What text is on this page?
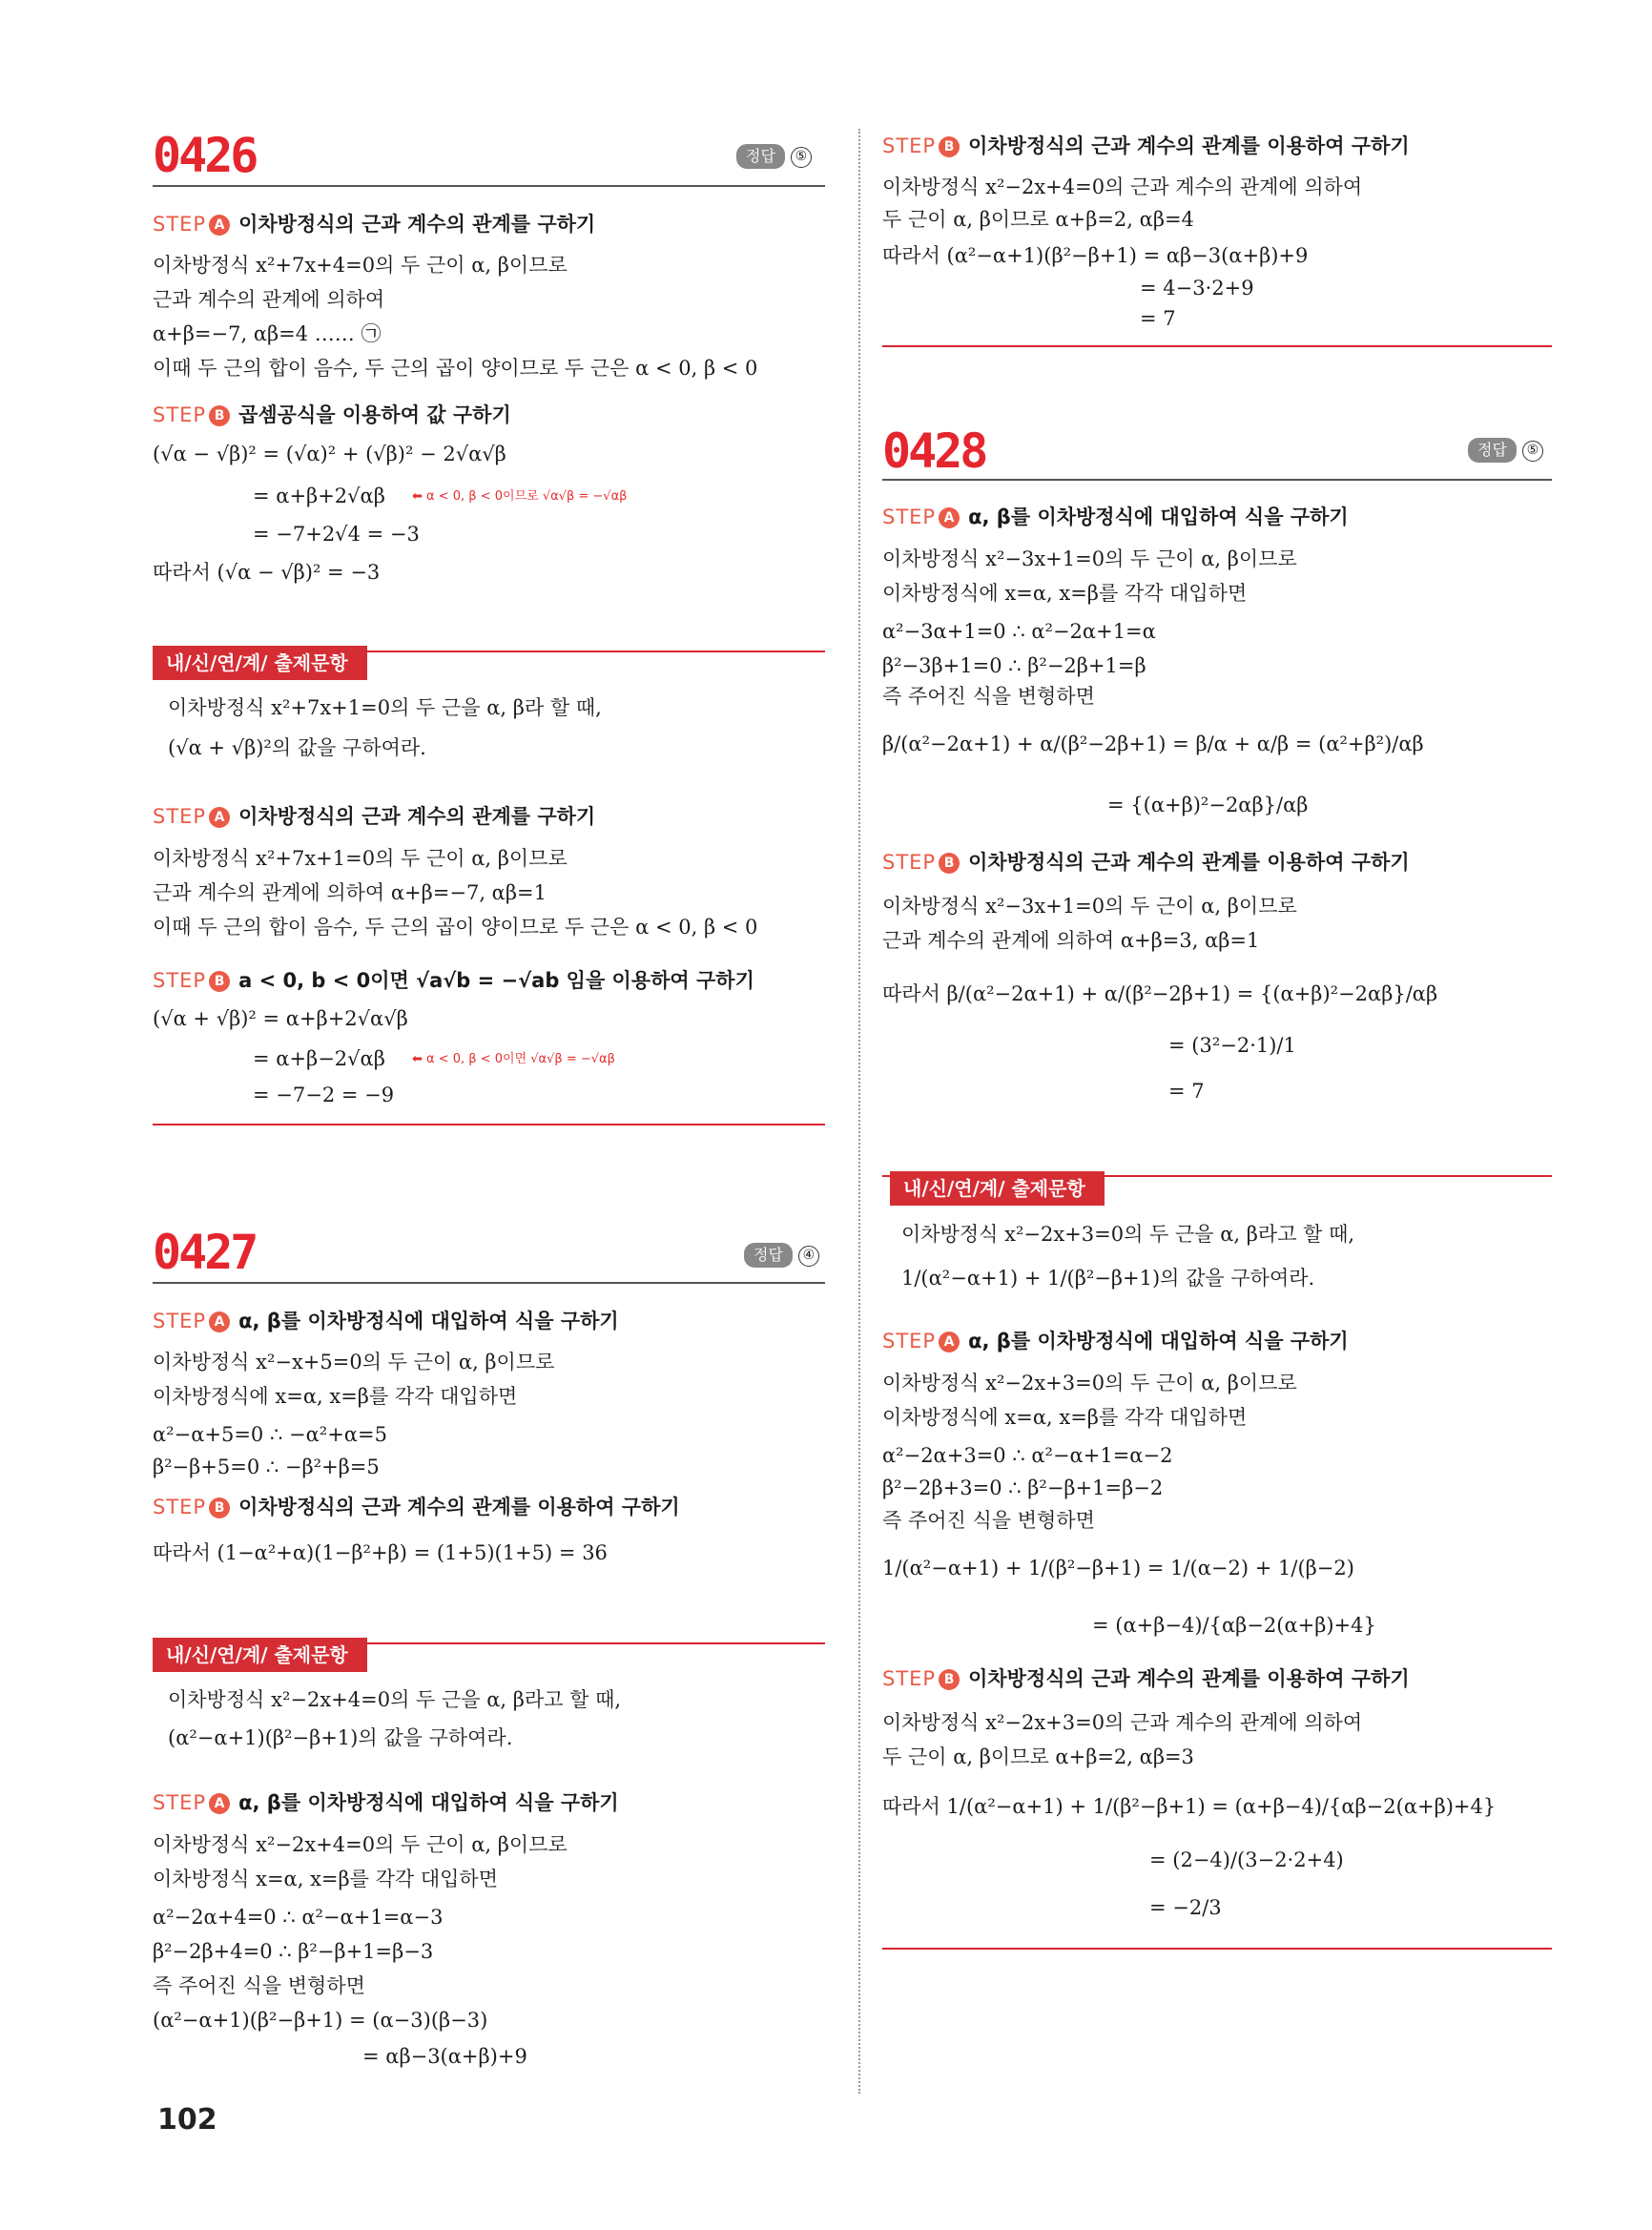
0426	정답 ⑤
STEP A 이차방정식의 근과 계수의 관계를 구하기
이차방정식 x²+7x+4=0의 두 근이 α, β이므로
근과 계수의 관계에 의하여
α+β=−7, αβ=4 …… ㉠
이때 두 근의 합이 음수, 두 근의 곱이 양이므로 두 근은 α < 0, β < 0
STEP B 곱셈공식을 이용하여 값 구하기
(√α − √β)² = (√α)² + (√β)² − 2√α√β
= α+β+2√αβ ⬅ α < 0, β < 0이므로 √α√β = −√αβ
= −7+2√4 = −3
따라서 (√α − √β)² = −3
내/신/연/계/ 출제문항
이차방정식 x²+7x+1=0의 두 근을 α, β라 할 때,
(√α + √β)²의 값을 구하여라.
STEP A 이차방정식의 근과 계수의 관계를 구하기
이차방정식 x²+7x+1=0의 두 근이 α, β이므로
근과 계수의 관계에 의하여 α+β=−7, αβ=1
이때 두 근의 합이 음수, 두 근의 곱이 양이므로 두 근은 α < 0, β < 0
STEP B a < 0, b < 0이면 √a√b = −√ab 임을 이용하여 구하기
(√α + √β)² = α+β+2√α√β
= α+β−2√αβ ⬅ α < 0, β < 0이면 √α√β = −√αβ
= −7−2 = −9
0427	정답 ④
STEP A α, β를 이차방정식에 대입하여 식을 구하기
이차방정식 x²−x+5=0의 두 근이 α, β이므로
이차방정식에 x=α, x=β를 각각 대입하면
α²−α+5=0 ∴ −α²+α=5
β²−β+5=0 ∴ −β²+β=5
STEP B 이차방정식의 근과 계수의 관계를 이용하여 구하기
따라서 (1−α²+α)(1−β²+β) = (1+5)(1+5) = 36
내/신/연/계/ 출제문항
이차방정식 x²−2x+4=0의 두 근을 α, β라고 할 때,
(α²−α+1)(β²−β+1)의 값을 구하여라.
STEP A α, β를 이차방정식에 대입하여 식을 구하기
이차방정식 x²−2x+4=0의 두 근이 α, β이므로
이차방정식 x=α, x=β를 각각 대입하면
α²−2α+4=0 ∴ α²−α+1=α−3
β²−2β+4=0 ∴ β²−β+1=β−3
즉 주어진 식을 변형하면
(α²−α+1)(β²−β+1) = (α−3)(β−3)
= αβ−3(α+β)+9
STEP B 이차방정식의 근과 계수의 관계를 이용하여 구하기
이차방정식 x²−2x+4=0의 근과 계수의 관계에 의하여
두 근이 α, β이므로 α+β=2, αβ=4
따라서 (α²−α+1)(β²−β+1) = αβ−3(α+β)+9
= 4−3·2+9
= 7
0428	정답 ⑤
STEP A α, β를 이차방정식에 대입하여 식을 구하기
이차방정식 x²−3x+1=0의 두 근이 α, β이므로
이차방정식에 x=α, x=β를 각각 대입하면
α²−3α+1=0 ∴ α²−2α+1=α
β²−3β+1=0 ∴ β²−2β+1=β
즉 주어진 식을 변형하면
β/(α²−2α+1) + α/(β²−2β+1) = β/α + α/β = (α²+β²)/αβ
= {(α+β)²−2αβ}/αβ
STEP B 이차방정식의 근과 계수의 관계를 이용하여 구하기
이차방정식 x²−3x+1=0의 두 근이 α, β이므로
근과 계수의 관계에 의하여 α+β=3, αβ=1
따라서 β/(α²−2α+1) + α/(β²−2β+1) = {(α+β)²−2αβ}/αβ
= (3²−2·1)/1
= 7
내/신/연/계/ 출제문항
이차방정식 x²−2x+3=0의 두 근을 α, β라고 할 때,
1/(α²−α+1) + 1/(β²−β+1)의 값을 구하여라.
STEP A α, β를 이차방정식에 대입하여 식을 구하기
이차방정식 x²−2x+3=0의 두 근이 α, β이므로
이차방정식에 x=α, x=β를 각각 대입하면
α²−2α+3=0 ∴ α²−α+1=α−2
β²−2β+3=0 ∴ β²−β+1=β−2
즉 주어진 식을 변형하면
1/(α²−α+1) + 1/(β²−β+1) = 1/(α−2) + 1/(β−2)
= (α+β−4)/{αβ−2(α+β)+4}
STEP B 이차방정식의 근과 계수의 관계를 이용하여 구하기
이차방정식 x²−2x+3=0의 근과 계수의 관계에 의하여
두 근이 α, β이므로 α+β=2, αβ=3
따라서 1/(α²−α+1) + 1/(β²−β+1) = (α+β−4)/{αβ−2(α+β)+4}
= (2−4)/(3−2·2+4)
= −2/3
102
